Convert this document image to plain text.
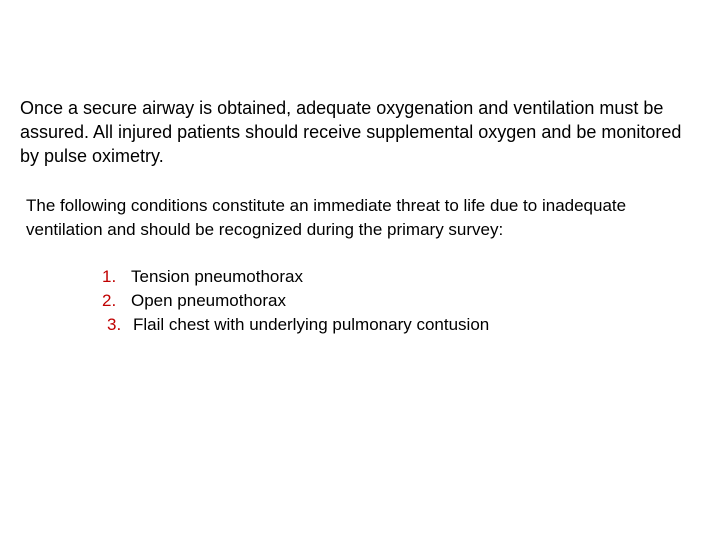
Once a secure airway is obtained, adequate oxygenation and ventilation must be assured. All injured patients should receive supplemental oxygen and be monitored by pulse oximetry.

The following conditions constitute an immediate threat to life due to inadequate ventilation and should be recognized during the primary survey:

1. Tension pneumothorax
2. Open pneumothorax
3. Flail chest with underlying pulmonary contusion
